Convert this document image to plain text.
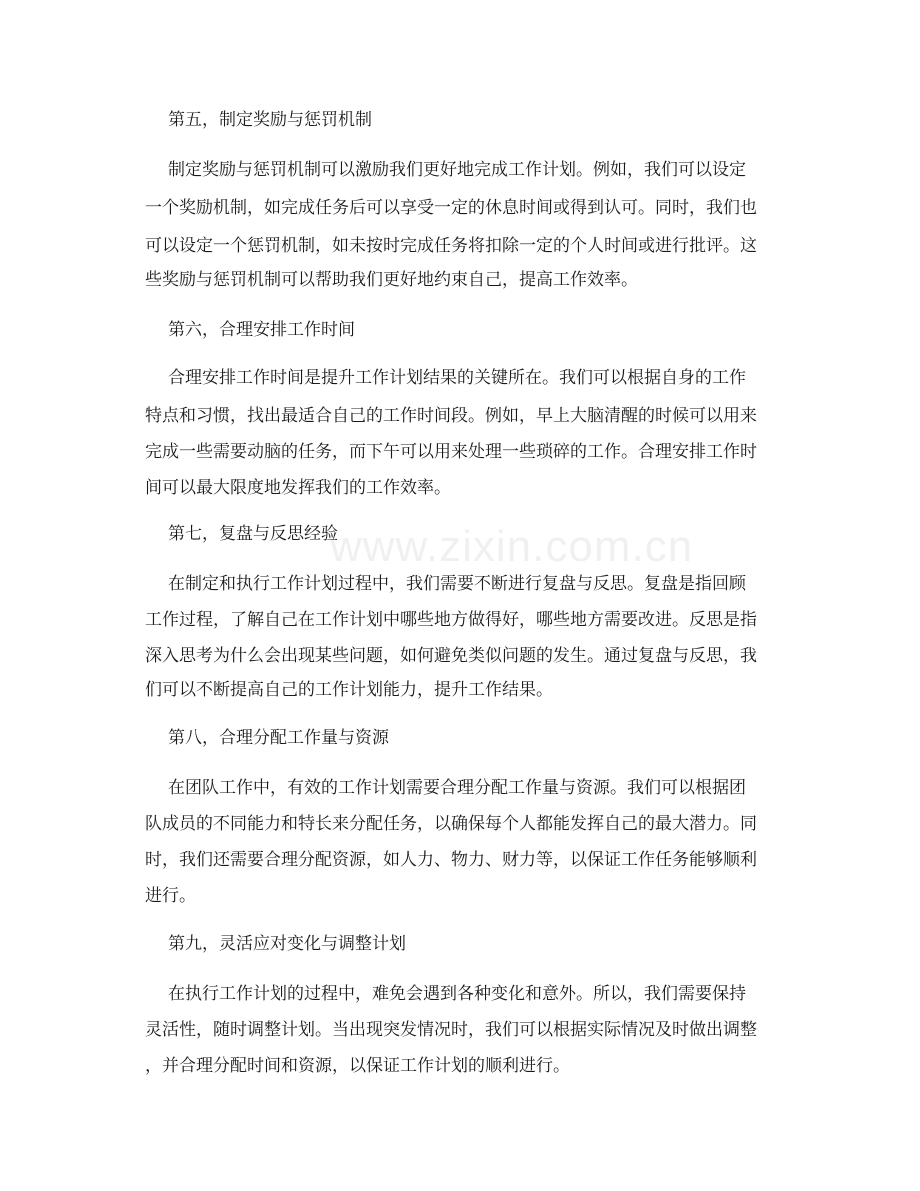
www.zixin.com.cn
第五，制定奖励与惩罚机制
制定奖励与惩罚机制可以激励我们更好地完成工作计划。例如，我们可以设定
一个奖励机制，如完成任务后可以享受一定的休息时间或得到认可。同时，我们也
可以设定一个惩罚机制，如未按时完成任务将扣除一定的个人时间或进行批评。这
些奖励与惩罚机制可以帮助我们更好地约束自己，提高工作效率。
第六，合理安排工作时间
合理安排工作时间是提升工作计划结果的关键所在。我们可以根据自身的工作
特点和习惯，找出最适合自己的工作时间段。例如，早上大脑清醒的时候可以用来
完成一些需要动脑的任务，而下午可以用来处理一些琐碎的工作。合理安排工作时
间可以最大限度地发挥我们的工作效率。
第七，复盘与反思经验
在制定和执行工作计划过程中，我们需要不断进行复盘与反思。复盘是指回顾
工作过程，了解自己在工作计划中哪些地方做得好，哪些地方需要改进。反思是指
深入思考为什么会出现某些问题，如何避免类似问题的发生。通过复盘与反思，我
们可以不断提高自己的工作计划能力，提升工作结果。
第八，合理分配工作量与资源
在团队工作中，有效的工作计划需要合理分配工作量与资源。我们可以根据团
队成员的不同能力和特长来分配任务，以确保每个人都能发挥自己的最大潜力。同
时，我们还需要合理分配资源，如人力、物力、财力等，以保证工作任务能够顺利
进行。
第九，灵活应对变化与调整计划
在执行工作计划的过程中，难免会遇到各种变化和意外。所以，我们需要保持
灵活性，随时调整计划。当出现突发情况时，我们可以根据实际情况及时做出调整
，并合理分配时间和资源，以保证工作计划的顺利进行。
